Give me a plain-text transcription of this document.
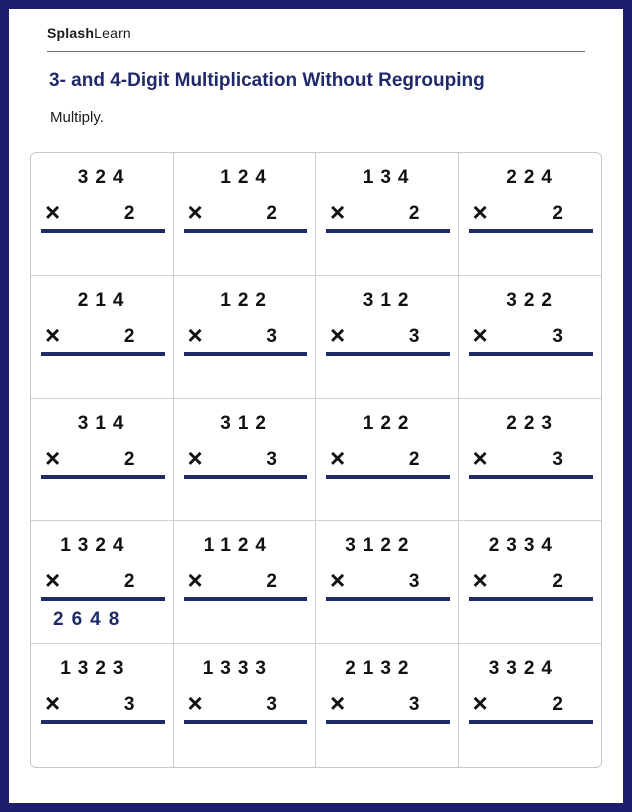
SplashLearn
3- and 4-Digit Multiplication Without Regrouping
Multiply.
324
×	2
124
×	2
134
×	2
224
×	2
214
×	2
122
×	3
312
×	3
322
×	3
314
×	2
312
×	3
122
×	2
223
×	3
1324
×	2
2648
1124
×	2
3122
×	3
2334
×	2
1323
×	3
1333
×	3
2132
×	3
3324
×	2
